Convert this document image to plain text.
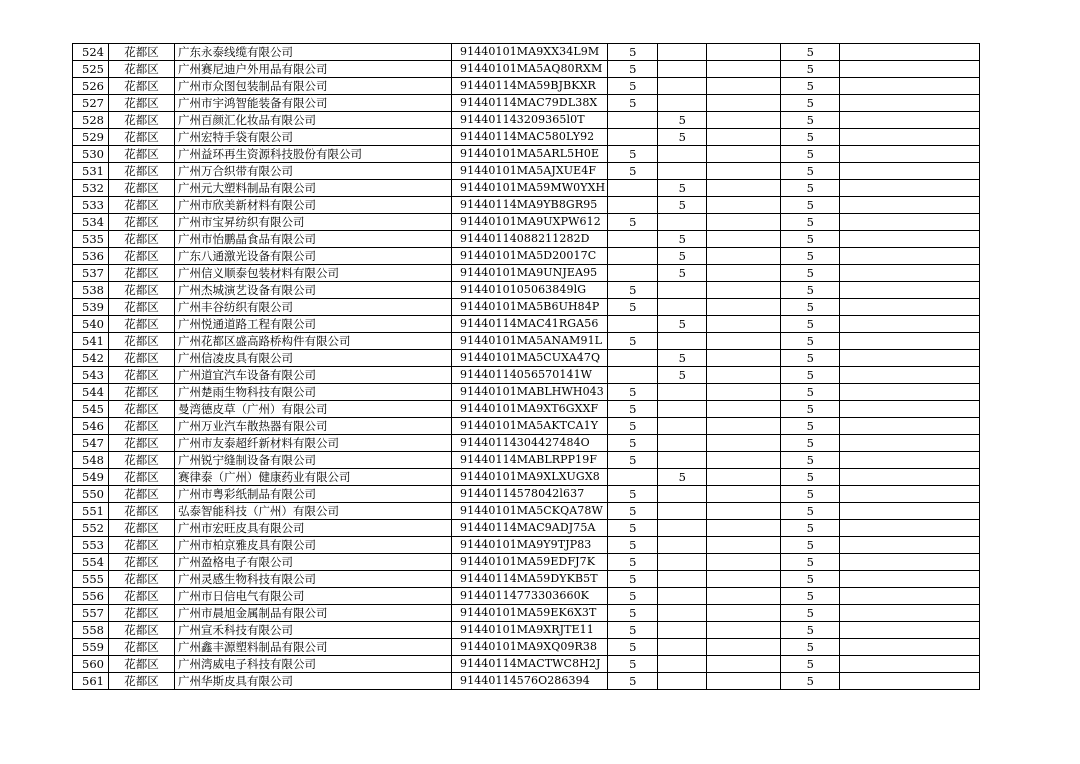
524	花都区	广东永泰线缆有限公司	91440101MA9XX34L9M	5			5	
525	花都区	广州赛尼迪户外用品有限公司	91440101MA5AQ80RXM	5			5	
526	花都区	广州市众图包装制品有限公司	91440114MA59BJBKXR	5			5	
527	花都区	广州市宇鸿智能装备有限公司	91440114MAC79DL38X	5			5	
528	花都区	广州百颜汇化妆品有限公司	914401143209365l0T		5		5	
529	花都区	广州宏特手袋有限公司	91440114MAC580LY92		5		5	
530	花都区	广州益环再生资源科技股份有限公司	91440101MA5ARL5H0E	5			5	
531	花都区	广州万合织带有限公司	91440101MA5AJXUE4F	5			5	
532	花都区	广州元大塑料制品有限公司	91440101MA59MW0YXH		5		5	
533	花都区	广州市欣美新材料有限公司	91440114MA9YB8GR95		5		5	
534	花都区	广州市宝昇纺织有限公司	91440101MA9UXPW612	5			5	
535	花都区	广州市怡鹏晶食品有限公司	91440114088211282D		5		5	
536	花都区	广东八通激光设备有限公司	91440101MA5D20017C		5		5	
537	花都区	广州信义顺泰包装材料有限公司	91440101MA9UNJEA95		5		5	
538	花都区	广州杰城演艺设备有限公司	9144010105063849lG	5			5	
539	花都区	广州丰谷纺织有限公司	91440101MA5B6UH84P	5			5	
540	花都区	广州悦通道路工程有限公司	91440114MAC41RGA56		5		5	
541	花都区	广州花都区盛高路桥构件有限公司	91440101MA5ANAM91L	5			5	
542	花都区	广州信凌皮具有限公司	91440101MA5CUXA47Q		5		5	
543	花都区	广州道宜汽车设备有限公司	91440114056570141W		5		5	
544	花都区	广州楚雨生物科技有限公司	91440101MABLHWH043	5			5	
545	花都区	曼湾德皮草（广州）有限公司	91440101MA9XT6GXXF	5			5	
546	花都区	广州万业汽车散热器有限公司	91440101MA5AKTCA1Y	5			5	
547	花都区	广州市友泰超纤新材料有限公司	91440114304427484O	5			5	
548	花都区	广州锐宁缝制设备有限公司	91440114MABLRPP19F	5			5	
549	花都区	赛律泰（广州）健康药业有限公司	91440101MA9XLXUGX8		5		5	
550	花都区	广州市粤彩纸制品有限公司	91440114578042l637	5			5	
551	花都区	弘泰智能科技（广州）有限公司	91440101MA5CKQA78W	5			5	
552	花都区	广州市宏旺皮具有限公司	91440114MAC9ADJ75A	5			5	
553	花都区	广州市柏京雅皮具有限公司	91440101MA9Y9TJP83	5			5	
554	花都区	广州盈格电子有限公司	91440101MA59EDFJ7K	5			5	
555	花都区	广州灵感生物科技有限公司	91440114MA59DYKB5T	5			5	
556	花都区	广州市日信电气有限公司	91440114773303660K	5			5	
557	花都区	广州市晨旭金属制品有限公司	91440101MA59EK6X3T	5			5	
558	花都区	广州宣禾科技有限公司	91440101MA9XRJTE11	5			5	
559	花都区	广州鑫丰源塑料制品有限公司	91440101MA9XQ09R38	5			5	
560	花都区	广州湾威电子科技有限公司	91440114MACTWC8H2J	5			5	
561	花都区	广州华斯皮具有限公司	91440114576O286394	5			5	
